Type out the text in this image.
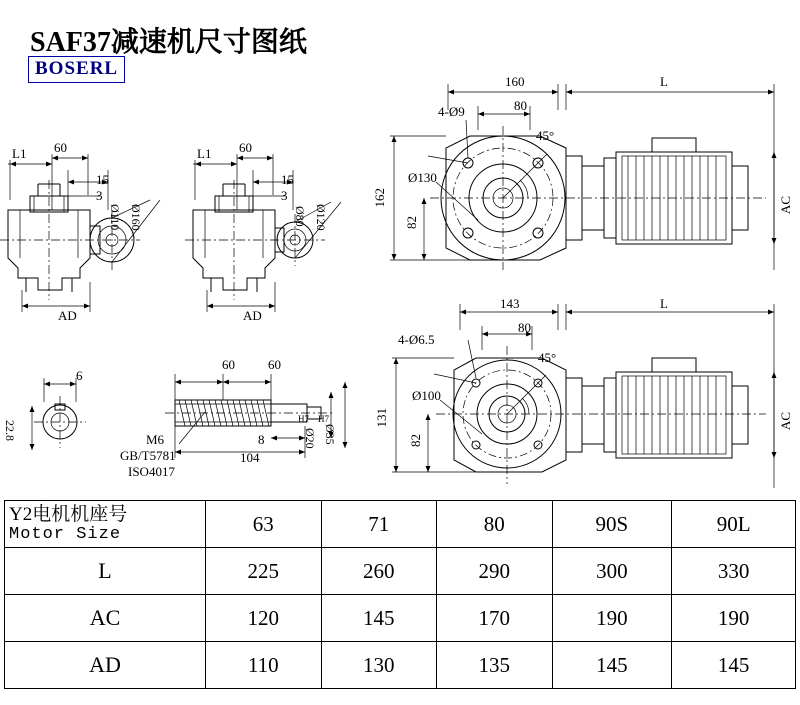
SAF37减速机尺寸图纸
BOSERL
L1 60
15
3
Ø110 Ø160
AD
L1 60
15
3
Ø80 Ø120
AD
6
22.8
60	60
M6
GB/T5781
ISO4017
8
104
Ø20 Ø35
H7 H7
160	L
4-Ø9	80
45°
Ø130
162
82
AC
143	L
4-Ø6.5
80
45°
Ø100
131
82
AC
Y2电机机座号
Motor Size	63	71	80	90S	90L
L	225	260	290	300	330
AC	120	145	170	190	190
AD	110	130	135	145	145
